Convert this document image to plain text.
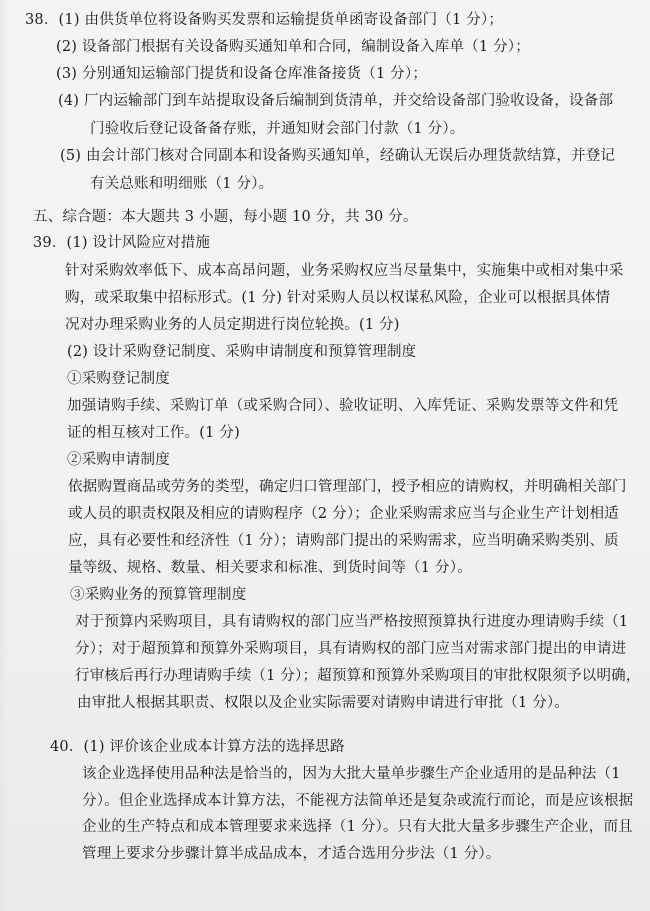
38．(1) 由供货单位将设备购买发票和运输提货单函寄设备部门（1 分）；
(2) 设备部门根据有关设备购买通知单和合同，编制设备入库单（1 分）；
(3) 分别通知运输部门提货和设备仓库准备接货（1 分）；
(4) 厂内运输部门到车站提取设备后编制到货清单，并交给设备部门验收设备，设备部
门验收后登记设备备存账，并通知财会部门付款（1 分）。
(5) 由会计部门核对合同副本和设备购买通知单，经确认无误后办理货款结算，并登记
有关总账和明细账（1 分）。
五、综合题：本大题共 3 小题，每小题 10 分，共 30 分。
39．(1) 设计风险应对措施
针对采购效率低下、成本高昂问题，业务采购权应当尽量集中，实施集中或相对集中采
购，或采取集中招标形式。(1 分) 针对采购人员以权谋私风险，企业可以根据具体情
况对办理采购业务的人员定期进行岗位轮换。(1 分)
(2) 设计采购登记制度、采购申请制度和预算管理制度
①采购登记制度
加强请购手续、采购订单（或采购合同）、验收证明、入库凭证、采购发票等文件和凭
证的相互核对工作。(1 分)
②采购申请制度
依据购置商品或劳务的类型，确定归口管理部门，授予相应的请购权，并明确相关部门
或人员的职责权限及相应的请购程序（2 分）；企业采购需求应当与企业生产计划相适
应，具有必要性和经济性（1 分）；请购部门提出的采购需求，应当明确采购类别、质
量等级、规格、数量、相关要求和标准、到货时间等（1 分）。
③采购业务的预算管理制度
对于预算内采购项目，具有请购权的部门应当严格按照预算执行进度办理请购手续（1
分）；对于超预算和预算外采购项目，具有请购权的部门应当对需求部门提出的申请进
行审核后再行办理请购手续（1 分）；超预算和预算外采购项目的审批权限须予以明确，
由审批人根据其职责、权限以及企业实际需要对请购申请进行审批（1 分）。
40．(1) 评价该企业成本计算方法的选择思路
该企业选择使用品种法是恰当的，因为大批大量单步骤生产企业适用的是品种法（1
分）。但企业选择成本计算方法，不能视方法简单还是复杂或流行而论，而是应该根据
企业的生产特点和成本管理要求来选择（1 分）。只有大批大量多步骤生产企业，而且
管理上要求分步骤计算半成品成本，才适合选用分步法（1 分）。
